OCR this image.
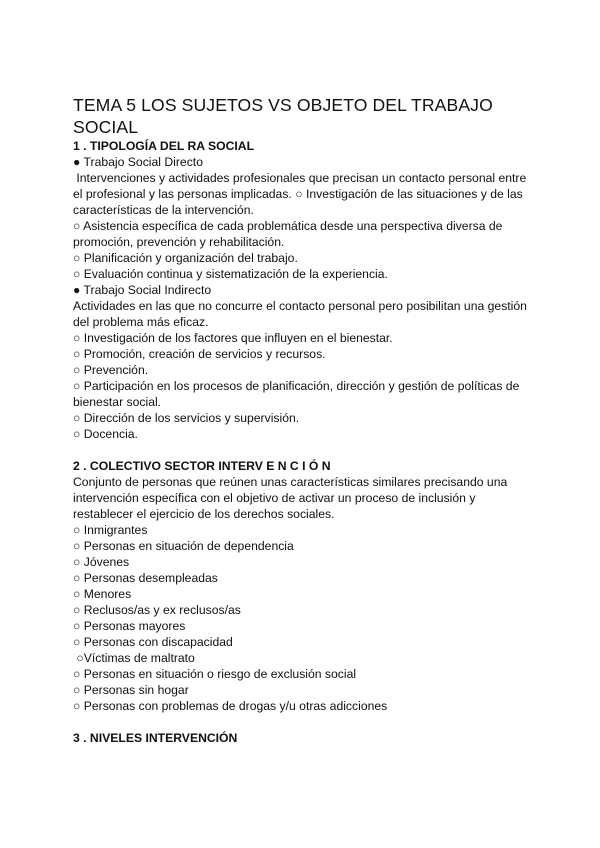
TEMA 5 LOS SUJETOS VS OBJETO DEL TRABAJO
SOCIAL
1 . TIPOLOGÍA DEL RA SOCIAL
● Trabajo Social Directo
Intervenciones y actividades profesionales que precisan un contacto personal entre
el profesional y las personas implicadas. ○ Investigación de las situaciones y de las
características de la intervención.
○ Asistencia específica de cada problemática desde una perspectiva diversa de
promoción, prevención y rehabilitación.
○ Planificación y organización del trabajo.
○ Evaluación continua y sistematización de la experiencia.
● Trabajo Social Indirecto
Actividades en las que no concurre el contacto personal pero posibilitan una gestión
del problema más eficaz.
○ Investigación de los factores que influyen en el bienestar.
○ Promoción, creación de servicios y recursos.
○ Prevención.
○ Participación en los procesos de planificación, dirección y gestión de políticas de
bienestar social.
○ Dirección de los servicios y supervisión.
○ Docencia.
2 . COLECTIVO SECTOR INTERV E N C I Ó N
Conjunto de personas que reúnen unas características similares precisando una
intervención específica con el objetivo de activar un proceso de inclusión y
restablecer el ejercicio de los derechos sociales.
○ Inmigrantes
○ Personas en situación de dependencia
○ Jóvenes
○ Personas desempleadas
○ Menores
○ Reclusos/as y ex reclusos/as
○ Personas mayores
○ Personas con discapacidad
○Víctimas de maltrato
○ Personas en situación o riesgo de exclusión social
○ Personas sin hogar
○ Personas con problemas de drogas y/u otras adicciones
3 . NIVELES INTERVENCIÓN
